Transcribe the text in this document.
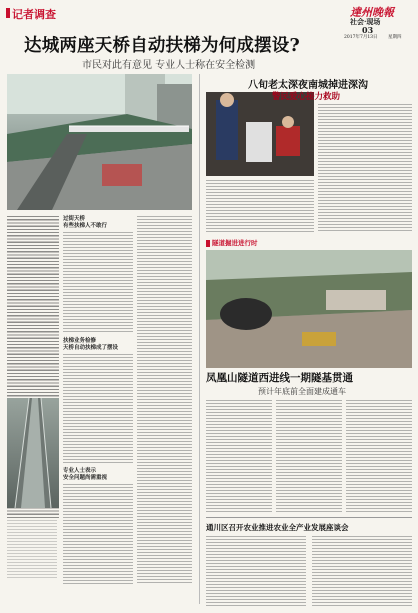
记者调查	達州晚報
社会·现场
03
2017年7月13日 星期四
达城两座天桥自动扶梯为何成摆设?
市民对此有意见 专业人士称在安全检测
过街天桥
有些扶梯人不敢行
扶梯业务检修
天桥自动扶梯成了摆设
专业人士表示
安全问题尚需重视
八旬老太深夜南城掉进深沟
警民爱心接力救助
隧道掘进进行时
凤凰山隧道西进线一期隧基贯通
预计年底前全面建成通车
通川区召开农业推进农业全产业发展座谈会
